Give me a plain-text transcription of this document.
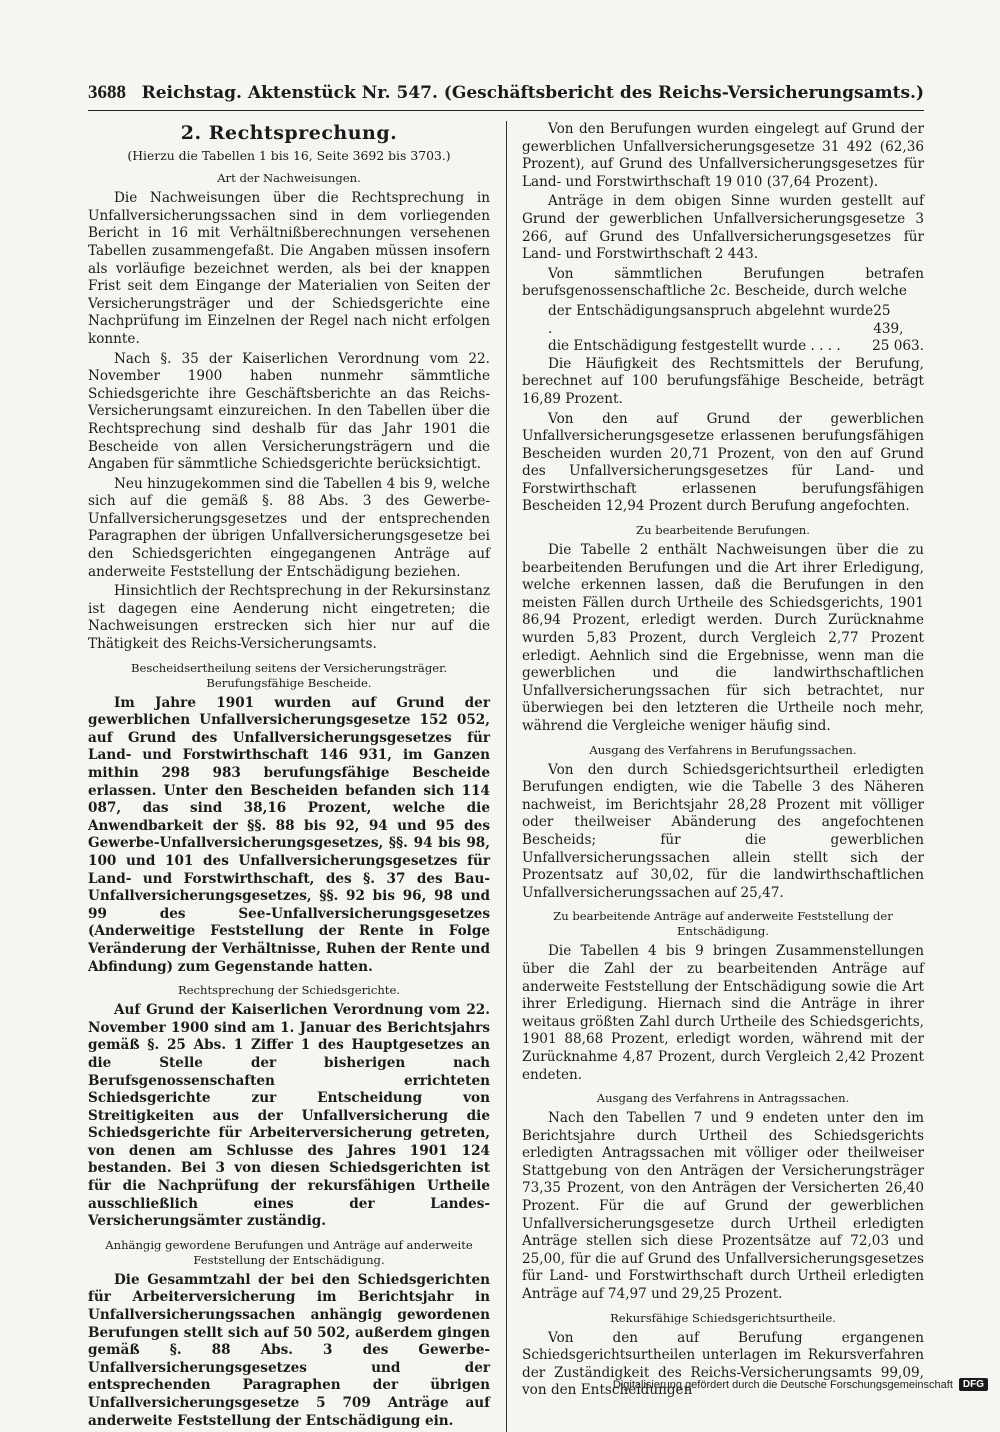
3688 Reichstag. Aktenstück Nr. 547. (Geschäftsbericht des Reichs-Versicherungsamts.)
2. Rechtsprechung.
(Hierzu die Tabellen 1 bis 16, Seite 3692 bis 3703.)
Art der Nachweisungen.

Die Nachweisungen über die Rechtsprechung in Unfallversicherungssachen sind in dem vorliegenden Bericht in 16 mit Verhältnißberechnungen versehenen Tabellen zusammengefaßt. Die Angaben müssen insofern als vorläufige bezeichnet werden, als bei der knappen Frist seit dem Eingange der Materialien von Seiten der Versicherungsträger und der Schiedsgerichte eine Nachprüfung im Einzelnen der Regel nach nicht erfolgen konnte.

Nach §. 35 der Kaiserlichen Verordnung vom 22. November 1900 haben nunmehr sämmtliche Schiedsgerichte ihre Geschäftsberichte an das Reichs-Versicherungsamt einzureichen. In den Tabellen über die Rechtsprechung sind deshalb für das Jahr 1901 die Bescheide von allen Versicherungsträgern und die Angaben für sämmtliche Schiedsgerichte berücksichtigt.

Neu hinzugekommen sind die Tabellen 4 bis 9, welche sich auf die gemäß §. 88 Abs. 3 des Gewerbe-Unfallversicherungsgesetzes und der entsprechenden Paragraphen der übrigen Unfallversicherungsgesetze bei den Schiedsgerichten eingegangenen Anträge auf anderweite Feststellung der Entschädigung beziehen.

Hinsichtlich der Rechtsprechung in der Rekursinstanz ist dagegen eine Aenderung nicht eingetreten; die Nachweisungen erstrecken sich hier nur auf die Thätigkeit des Reichs-Versicherungsamts.

Bescheidsertheilung seitens der Versicherungsträger. Berufungsfähige Bescheide.

Im Jahre 1901 wurden auf Grund der gewerblichen Unfallversicherungsgesetze 152 052, auf Grund des Unfallversicherungsgesetzes für Land- und Forstwirthschaft 146 931, im Ganzen mithin 298 983 berufungsfähige Bescheide erlassen. Unter den Bescheiden befanden sich 114 087, das sind 38,16 Prozent, welche die Anwendbarkeit der §§. 88 bis 92, 94 und 95 des Gewerbe-Unfallversicherungsgesetzes, §§. 94 bis 98, 100 und 101 des Unfallversicherungsgesetzes für Land- und Forstwirthschaft, des §. 37 des Bau-Unfallversicherungsgesetzes, §§. 92 bis 96, 98 und 99 des See-Unfallversicherungsgesetzes (Anderweitige Feststellung der Rente in Folge Veränderung der Verhältnisse, Ruhen der Rente und Abfindung) zum Gegenstande hatten.

Rechtsprechung der Schiedsgerichte.

Auf Grund der Kaiserlichen Verordnung vom 22. November 1900 sind am 1. Januar des Berichtsjahrs gemäß §. 25 Abs. 1 Ziffer 1 des Hauptgesetzes an die Stelle der bisherigen nach Berufsgenossenschaften errichteten Schiedsgerichte zur Entscheidung von Streitigkeiten aus der Unfallversicherung die Schiedsgerichte für Arbeiterversicherung getreten, von denen am Schlusse des Jahres 1901 124 bestanden. Bei 3 von diesen Schiedsgerichten ist für die Nachprüfung der rekursfähigen Urtheile ausschließlich eines der Landes-Versicherungsämter zuständig.

Anhängig gewordene Berufungen und Anträge auf anderweite Feststellung der Entschädigung.

Die Gesammtzahl der bei den Schiedsgerichten für Arbeiterversicherung im Berichtsjahr in Unfallversicherungssachen anhängig gewordenen Berufungen stellt sich auf 50 502, außerdem gingen gemäß §. 88 Abs. 3 des Gewerbe-Unfallversicherungsgesetzes und der entsprechenden Paragraphen der übrigen Unfallversicherungsgesetze 5 709 Anträge auf anderweite Feststellung der Entschädigung ein.

Von den Berufungen wurden eingelegt auf Grund der gewerblichen Unfallversicherungsgesetze 31 492 (62,36 Prozent), auf Grund des Unfallversicherungsgesetzes für Land- und Forstwirthschaft 19 010 (37,64 Prozent).

Anträge in dem obigen Sinne wurden gestellt auf Grund der gewerblichen Unfallversicherungsgesetze 3 266, auf Grund des Unfallversicherungsgesetzes für Land- und Forstwirthschaft 2 443.

Von sämmtlichen Berufungen betrafen berufsgenossenschaftliche 2c. Bescheide, durch welche

der Entschädigungsanspruch abgelehnt wurde .
25 439,
die Entschädigung festgestellt wurde . . . . 25 063.

Die Häufigkeit des Rechtsmittels der Berufung, berechnet auf 100 berufungsfähige Bescheide, beträgt 16,89 Prozent.

Von den auf Grund der gewerblichen Unfallversicherungsgesetze erlassenen berufungsfähigen Bescheiden wurden 20,71 Prozent, von den auf Grund des Unfallversicherungsgesetzes für Land- und Forstwirthschaft erlassenen berufungsfähigen Bescheiden 12,94 Prozent durch Berufung angefochten.

Zu bearbeitende Berufungen.

Die Tabelle 2 enthält Nachweisungen über die zu bearbeitenden Berufungen und die Art ihrer Erledigung, welche erkennen lassen, daß die Berufungen in den meisten Fällen durch Urtheile des Schiedsgerichts, 1901 86,94 Prozent, erledigt werden. Durch Zurücknahme wurden 5,83 Prozent, durch Vergleich 2,77 Prozent erledigt. Aehnlich sind die Ergebnisse, wenn man die gewerblichen und die landwirthschaftlichen Unfallversicherungssachen für sich betrachtet, nur überwiegen bei den letzteren die Urtheile noch mehr, während die Vergleiche weniger häufig sind.

Ausgang des Verfahrens in Berufungssachen.

Von den durch Schiedsgerichtsurtheil erledigten Berufungen endigten, wie die Tabelle 3 des Näheren nachweist, im Berichtsjahr 28,28 Prozent mit völliger oder theilweiser Abänderung des angefochtenen Bescheids; für die gewerblichen Unfallversicherungssachen allein stellt sich der Prozentsatz auf 30,02, für die landwirthschaftlichen Unfallversicherungssachen auf 25,47.

Zu bearbeitende Anträge auf anderweite Feststellung der Entschädigung.

Die Tabellen 4 bis 9 bringen Zusammenstellungen über die Zahl der zu bearbeitenden Anträge auf anderweite Feststellung der Entschädigung sowie die Art ihrer Erledigung. Hiernach sind die Anträge in ihrer weitaus größten Zahl durch Urtheile des Schiedsgerichts, 1901 88,68 Prozent, erledigt worden, während mit der Zurücknahme 4,87 Prozent, durch Vergleich 2,42 Prozent endeten.

Ausgang des Verfahrens in Antragssachen.

Nach den Tabellen 7 und 9 endeten unter den im Berichtsjahre durch Urtheil des Schiedsgerichts erledigten Antragssachen mit völliger oder theilweiser Stattgebung von den Anträgen der Versicherungsträger 73,35 Prozent, von den Anträgen der Versicherten 26,40 Prozent. Für die auf Grund der gewerblichen Unfallversicherungsgesetze durch Urtheil erledigten Anträge stellen sich diese Prozentsätze auf 72,03 und 25,00, für die auf Grund des Unfallversicherungsgesetzes für Land- und Forstwirthschaft durch Urtheil erledigten Anträge auf 74,97 und 29,25 Prozent.

Rekursfähige Schiedsgerichtsurtheile.

Von den auf Berufung ergangenen Schiedsgerichtsurtheilen unterlagen im Rekursverfahren der Zuständigkeit des Reichs-Versicherungsamts 99,09, von den Entscheidungen

Digitalisierung gefördert durch die Deutsche Forschungsgemeinschaft	DFG
